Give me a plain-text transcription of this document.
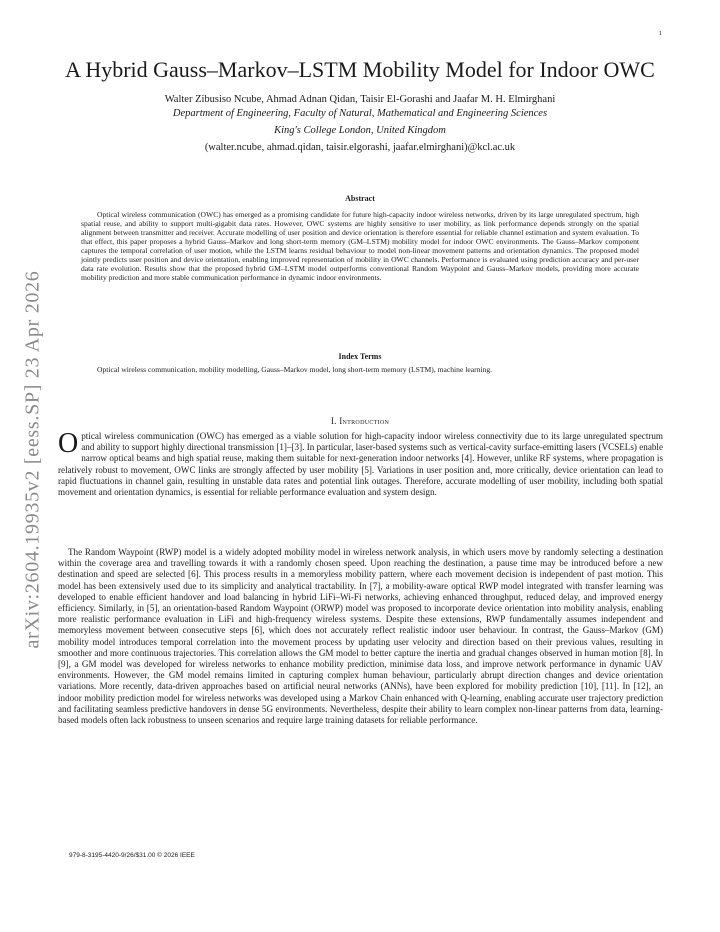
1
arXiv:2604.19935v2 [eess.SP] 23 Apr 2026
A Hybrid Gauss–Markov–LSTM Mobility Model for Indoor OWC
Walter Zibusiso Ncube, Ahmad Adnan Qidan, Taisir El-Gorashi and Jaafar M. H. Elmirghani
Department of Engineering, Faculty of Natural, Mathematical and Engineering Sciences
King's College London, United Kingdom
(walter.ncube, ahmad.qidan, taisir.elgorashi, jaafar.elmirghani)@kcl.ac.uk
Abstract

Optical wireless communication (OWC) has emerged as a promising candidate for future high-capacity indoor wireless networks, driven by its large unregulated spectrum, high spatial reuse, and ability to support multi-gigabit data rates. However, OWC systems are highly sensitive to user mobility, as link performance depends strongly on the spatial alignment between transmitter and receiver. Accurate modelling of user position and device orientation is therefore essential for reliable channel estimation and system evaluation. To that effect, this paper proposes a hybrid Gauss–Markov and long short-term memory (GM–LSTM) mobility model for indoor OWC environments. The Gauss–Markov component captures the temporal correlation of user motion, while the LSTM learns residual behaviour to model non-linear movement patterns and orientation dynamics. The proposed model jointly predicts user position and device orientation, enabling improved representation of mobility in OWC channels. Performance is evaluated using prediction accuracy and per-user data rate evolution. Results show that the proposed hybrid GM–LSTM model outperforms conventional Random Waypoint and Gauss–Markov models, providing more accurate mobility prediction and more stable communication performance in dynamic indoor environments.

Index Terms

Optical wireless communication, mobility modelling, Gauss–Markov model, long short-term memory (LSTM), machine learning.

I. Introduction

Optical wireless communication (OWC) has emerged as a viable solution for high-capacity indoor wireless connectivity due to its large unregulated spectrum and ability to support highly directional transmission [1]–[3]. In particular, laser-based systems such as vertical-cavity surface-emitting lasers (VCSELs) enable narrow optical beams and high spatial reuse, making them suitable for next-generation indoor networks [4]. However, unlike RF systems, where propagation is relatively robust to movement, OWC links are strongly affected by user mobility [5]. Variations in user position and, more critically, device orientation can lead to rapid fluctuations in channel gain, resulting in unstable data rates and potential link outages. Therefore, accurate modelling of user mobility, including both spatial movement and orientation dynamics, is essential for reliable performance evaluation and system design.

The Random Waypoint (RWP) model is a widely adopted mobility model in wireless network analysis, in which users move by randomly selecting a destination within the coverage area and travelling towards it with a randomly chosen speed. Upon reaching the destination, a pause time may be introduced before a new destination and speed are selected [6]. This process results in a memoryless mobility pattern, where each movement decision is independent of past motion. This model has been extensively used due to its simplicity and analytical tractability. In [7], a mobility-aware optical RWP model integrated with transfer learning was developed to enable efficient handover and load balancing in hybrid LiFi–Wi-Fi networks, achieving enhanced throughput, reduced delay, and improved energy efficiency. Similarly, in [5], an orientation-based Random Waypoint (ORWP) model was proposed to incorporate device orientation into mobility analysis, enabling more realistic performance evaluation in LiFi and high-frequency wireless systems. Despite these extensions, RWP fundamentally assumes independent and memoryless movement between consecutive steps [6], which does not accurately reflect realistic indoor user behaviour. In contrast, the Gauss–Markov (GM) mobility model introduces temporal correlation into the movement process by updating user velocity and direction based on their previous values, resulting in smoother and more continuous trajectories. This correlation allows the GM model to better capture the inertia and gradual changes observed in human motion [8]. In [9], a GM model was developed for wireless networks to enhance mobility prediction, minimise data loss, and improve network performance in dynamic UAV environments. However, the GM model remains limited in capturing complex human behaviour, particularly abrupt direction changes and device orientation variations. More recently, data-driven approaches based on artificial neural networks (ANNs), have been explored for mobility prediction [10], [11]. In [12], an indoor mobility prediction model for wireless networks was developed using a Markov Chain enhanced with Q-learning, enabling accurate user trajectory prediction and facilitating seamless predictive handovers in dense 5G environments. Nevertheless, despite their ability to learn complex non-linear patterns from data, learning-based models often lack robustness to unseen scenarios and require large training datasets for reliable performance.

979-8-3195-4420-9/26/$31.00 © 2026 IEEE
